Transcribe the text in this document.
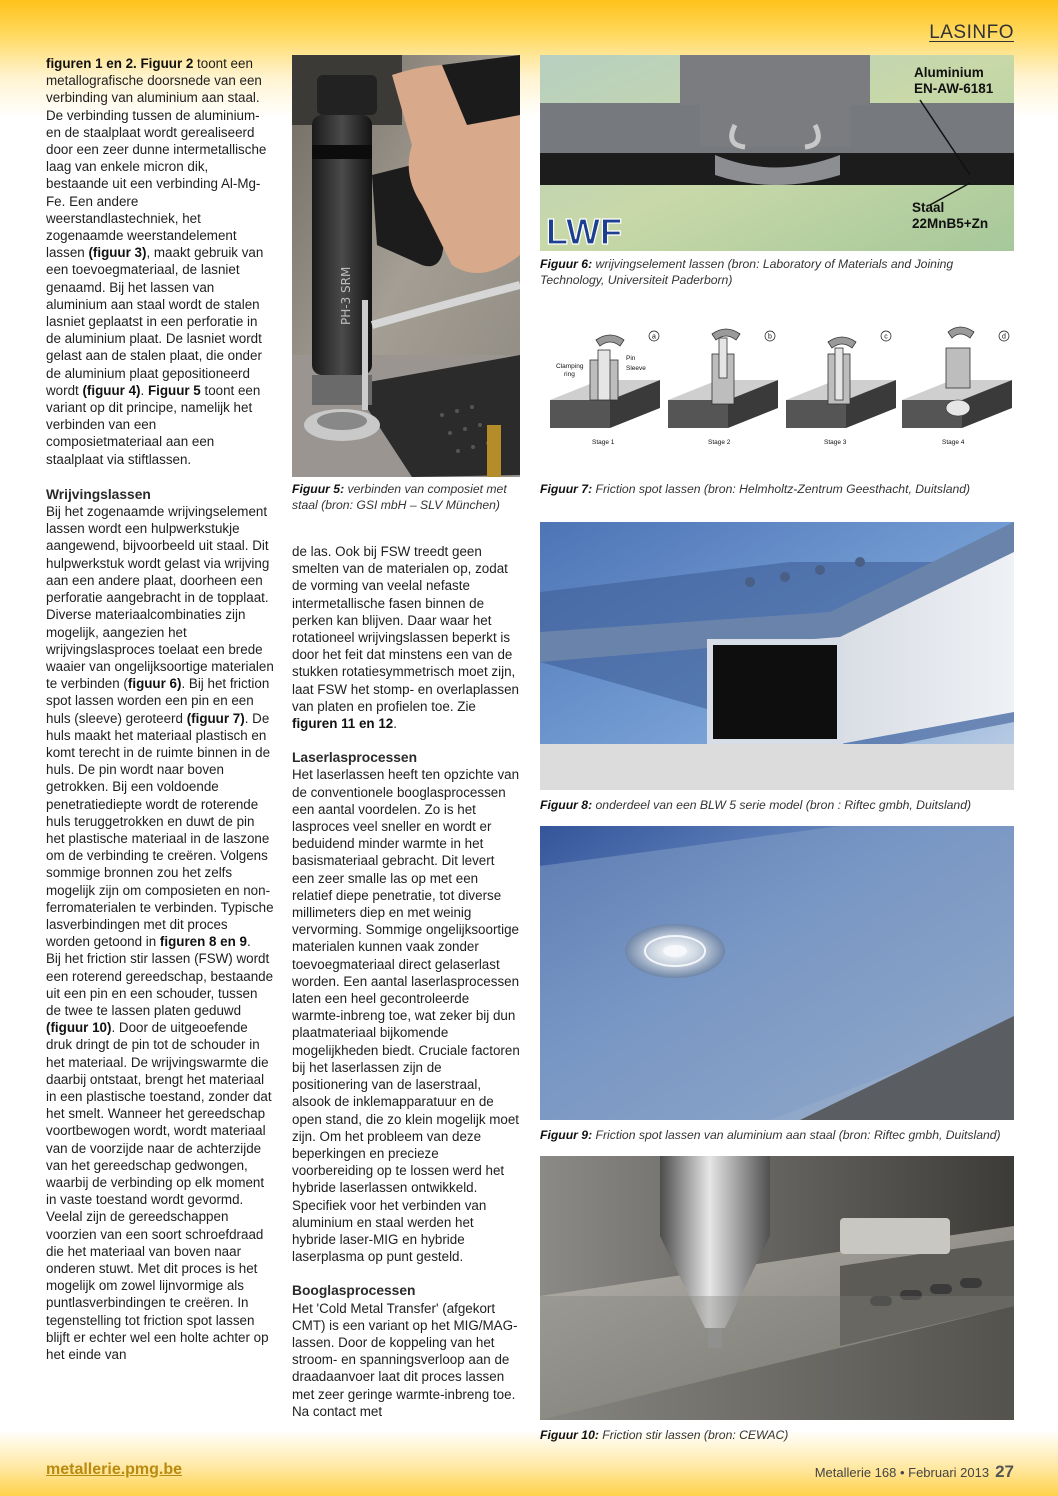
LASINFO

figuren 1 en 2. Figuur 2 toont een metallografische doorsnede van een verbinding van aluminium aan staal. De verbinding tussen de aluminium- en de staalplaat wordt gerealiseerd door een zeer dunne intermetallische laag van enkele micron dik, bestaande uit een verbinding Al-Mg-Fe. Een andere weerstandlastechniek, het zogenaamde weerstandelement lassen (figuur 3), maakt gebruik van een toevoegmateriaal, de lasniet genaamd. Bij het lassen van aluminium aan staal wordt de stalen lasniet geplaatst in een perforatie in de aluminium plaat. De lasniet wordt gelast aan de stalen plaat, die onder de aluminium plaat gepositioneerd wordt (figuur 4). Figuur 5 toont een variant op dit principe, namelijk het verbinden van een composietmateriaal aan een staalplaat via stiftlassen.

Wrijvingslassen

Bij het zogenaamde wrijvingselement lassen wordt een hulpwerkstukje aangewend, bijvoorbeeld uit staal. Dit hulpwerkstuk wordt gelast via wrijving aan een andere plaat, doorheen een perforatie aangebracht in de topplaat. Diverse materiaalcombinaties zijn mogelijk, aangezien het wrijvingslasproces toelaat een brede waaier van ongelijksoortige materialen te verbinden (figuur 6). Bij het friction spot lassen worden een pin en een huls (sleeve) geroteerd (figuur 7). De huls maakt het materiaal plastisch en komt terecht in de ruimte binnen in de huls. De pin wordt naar boven getrokken. Bij een voldoende penetratiediepte wordt de roterende huls teruggetrokken en duwt de pin het plastische materiaal in de laszone om de verbinding te creëren. Volgens sommige bronnen zou het zelfs mogelijk zijn om composieten en non-ferromaterialen te verbinden. Typische lasverbindingen met dit proces worden getoond in figuren 8 en 9.

Bij het friction stir lassen (FSW) wordt een roterend gereedschap, bestaande uit een pin en een schouder, tussen de twee te lassen platen geduwd (figuur 10). Door de uitgeoefende druk dringt de pin tot de schouder in het materiaal. De wrijvingswarmte die daarbij ontstaat, brengt het materiaal in een plastische toestand, zonder dat het smelt. Wanneer het gereedschap voortbewogen wordt, wordt materiaal van de voorzijde naar de achterzijde van het gereedschap gedwongen, waarbij de verbinding op elk moment in vaste toestand wordt gevormd. Veelal zijn de gereedschappen voorzien van een soort schroefdraad die het materiaal van boven naar onderen stuwt. Met dit proces is het mogelijk om zowel lijnvormige als puntlasverbindingen te creëren. In tegenstelling tot friction spot lassen blijft er echter wel een holte achter op het einde van

de las. Ook bij FSW treedt geen smelten van de materialen op, zodat de vorming van veelal nefaste intermetallische fasen binnen de perken kan blijven. Daar waar het rotationeel wrijvingslassen beperkt is door het feit dat minstens een van de stukken rotatiesymmetrisch moet zijn, laat FSW het stomp- en overlaplassen van platen en profielen toe. Zie figuren 11 en 12.

Laserlasprocessen

Het laserlassen heeft ten opzichte van de conventionele booglasprocessen een aantal voordelen. Zo is het lasproces veel sneller en wordt er beduidend minder warmte in het basismateriaal gebracht. Dit levert een zeer smalle las op met een relatief diepe penetratie, tot diverse millimeters diep en met weinig vervorming. Sommige ongelijksoortige materialen kunnen vaak zonder toevoegmateriaal direct gelaserlast worden. Een aantal laserlasprocessen laten een heel gecontroleerde warmte-inbreng toe, wat zeker bij dun plaatmateriaal bijkomende mogelijkheden biedt. Cruciale factoren bij het laserlassen zijn de positionering van de laserstraal, alsook de inklemapparatuur en de open stand, die zo klein mogelijk moet zijn. Om het probleem van deze beperkingen en precieze voorbereiding op te lossen werd het hybride laserlassen ontwikkeld. Specifiek voor het verbinden van aluminium en staal werden het hybride laser-MIG en hybride laserplasma op punt gesteld.

Booglasprocessen

Het 'Cold Metal Transfer' (afgekort CMT) is een variant op het MIG/MAG-lassen. Door de koppeling van het stroom- en spanningsverloop aan de draadaanvoer laat dit proces lassen met zeer geringe warmte-inbreng toe. Na contact met

PH-3 SRM
Figuur 5: verbinden van composiet met staal (bron: GSI mbH – SLV München)
Aluminium
EN-AW-6181
Staal
22MnB5+Zn
LWF
Figuur 6: wrijvingselement lassen (bron: Laboratory of Materials and Joining Technology, Universiteit Paderborn)
Clamping
ring
Pin
Sleeve
Stage 1	Stage 2	Stage 3	Stage 4
a	b	c	d
Figuur 7: Friction spot lassen (bron: Helmholtz-Zentrum Geesthacht, Duitsland)
Figuur 8: onderdeel van een BLW 5 serie model (bron : Riftec gmbh, Duitsland)
Figuur 9: Friction spot lassen van aluminium aan staal (bron: Riftec gmbh, Duitsland)
Figuur 10: Friction stir lassen (bron: CEWAC)
metallerie.pmg.be	Metallerie 168 • Februari 2013 27
